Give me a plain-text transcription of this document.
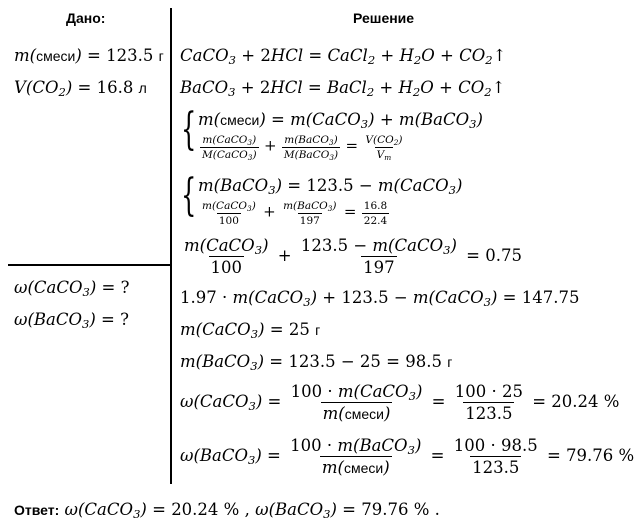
Дано:	Решение
m(смеси) = 123.5 г
$V(CO_2) = 16.8$ л
ω(CaCO$_3$) = ?
ω(BaCO$_3$) = ?
CaCO$_3$ + 2HCl = CaCl$_2$ + $H_2O$ + $CO_2↑$
BaCO$_3$ + 2HCl = BaCl$_2$ + $H_2O$ + $CO_2↑$
{ m(смеси) = m(CaCO$_3$) + m(BaCO$_3$)
$\frac{m(CaCO_3)}{M(CaCO_3)} + \frac{m(BaCO_3)}{M(BaCO_3)} = \frac{V(CO_2)}{V_m}$
{ m(BaCO$_3$) = 123.5 − m(CaCO$_3$)
$\frac{m(CaCO_3)}{100} + \frac{m(BaCO_3)}{197} = \frac{16.8}{22.4}$
$\frac{m(CaCO_3)}{100} + \frac{123.5 - m(CaCO_3)}{197} = 0.75$
1.97 · m(CaCO$_3$) + 123.5 − m(CaCO$_3$) = 147.75
m(CaCO$_3$) = 25 г
m(BaCO$_3$) = 123.5 − 25 = 98.5 г
ω(CaCO$_3$) = $\frac{100 \cdot m(CaCO_3)}{\text{m(смеси)}} = \frac{100 \cdot 25}{123.5} = 20.24$ %
ω(BaCO$_3$) = $\frac{100 \cdot m(BaCO_3)}{\text{m(смеси)}} = \frac{100 \cdot 98.5}{123.5} = 79.76$ %
Ответ: ω(CaCO$_3$) = 20.24 % , ω(BaCO$_3$) = 79.76 % .
